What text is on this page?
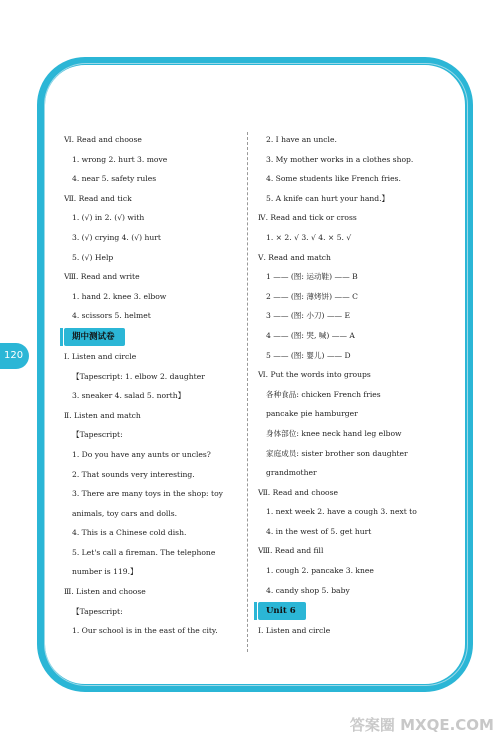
120
Ⅵ. Read and choose
1. wrong 2. hurt 3. move
4. near 5. safety rules
Ⅶ. Read and tick
1. (√) in 2. (√) with
3. (√) crying 4. (√) hurt
5. (√) Help
Ⅷ. Read and write
1. hand 2. knee 3. elbow
4. scissors 5. helmet
期中测试卷
Ⅰ. Listen and circle
【Tapescript: 1. elbow 2. daughter
3. sneaker 4. salad 5. north】
Ⅱ. Listen and match
【Tapescript:
1. Do you have any aunts or uncles?
2. That sounds very interesting.
3. There are many toys in the shop: toy
animals, toy cars and dolls.
4. This is a Chinese cold dish.
5. Let's call a fireman. The telephone
number is 119.】
Ⅲ. Listen and choose
【Tapescript:
1. Our school is in the east of the city.
2. I have an uncle.
3. My mother works in a clothes shop.
4. Some students like French fries.
5. A knife can hurt your hand.】
Ⅳ. Read and tick or cross
1. × 2. √ 3. √ 4. × 5. √
Ⅴ. Read and match
1 —— (图: 运动鞋) —— B
2 —— (图: 薄烤饼) —— C
3 —— (图: 小刀) —— E
4 —— (图: 哭, 喊) —— A
5 —— (图: 婴儿) —— D
Ⅵ. Put the words into groups
各种食品: chicken French fries
pancake pie hamburger
身体部位: knee neck hand leg elbow
家庭成员: sister brother son daughter
grandmother
Ⅶ. Read and choose
1. next week 2. have a cough 3. next to
4. in the west of 5. get hurt
Ⅷ. Read and fill
1. cough 2. pancake 3. knee
4. candy shop 5. baby
Unit 6
Ⅰ. Listen and circle
答案圈 MXQE.COM
